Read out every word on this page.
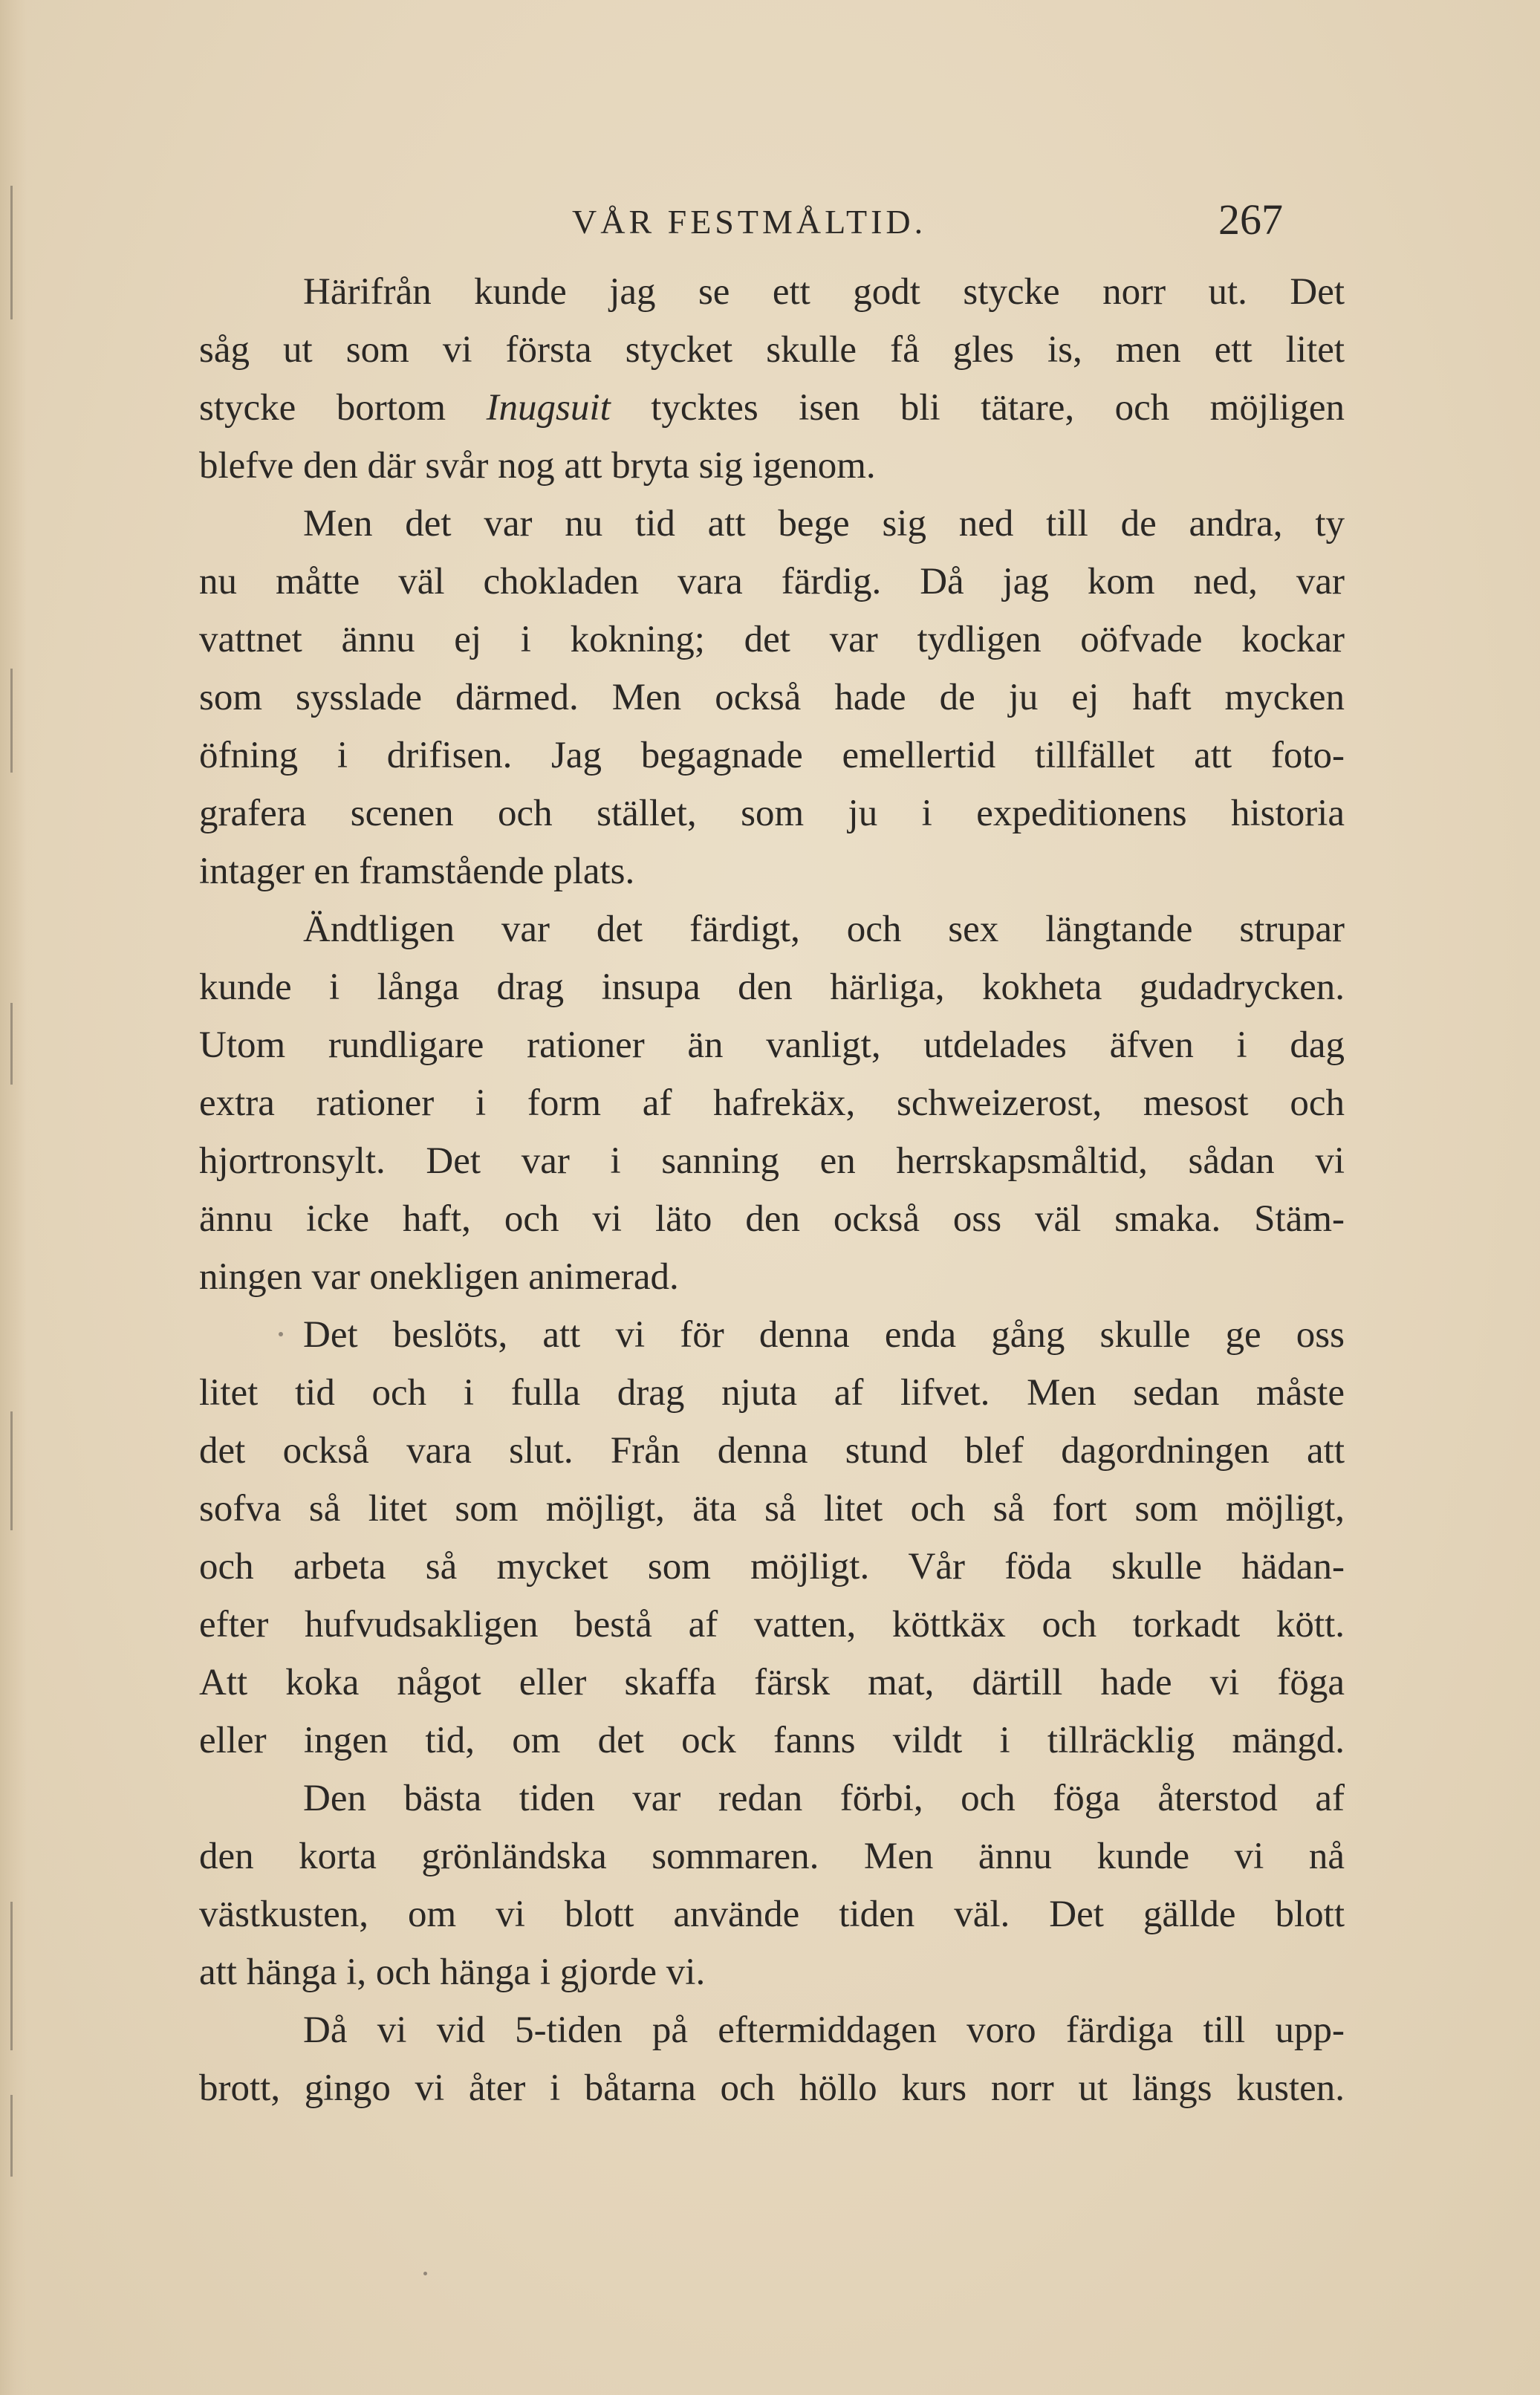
VÅR FESTMÅLTID.	267
Härifrån kunde jag se ett godt stycke norr ut. Det
såg ut som vi första stycket skulle få gles is, men ett litet
stycke bortom Inugsuit tycktes isen bli tätare, och möjligen
blefve den där svår nog att bryta sig igenom.
Men det var nu tid att bege sig ned till de andra, ty
nu måtte väl chokladen vara färdig. Då jag kom ned, var
vattnet ännu ej i kokning; det var tydligen oöfvade kockar
som sysslade därmed. Men också hade de ju ej haft mycken
öfning i drifisen. Jag begagnade emellertid tillfället att foto-
grafera scenen och stället, som ju i expeditionens historia
intager en framstående plats.
Ändtligen var det färdigt, och sex längtande strupar
kunde i långa drag insupa den härliga, kokheta gudadrycken.
Utom rundligare rationer än vanligt, utdelades äfven i dag
extra rationer i form af hafrekäx, schweizerost, mesost och
hjortronsylt. Det var i sanning en herrskapsmåltid, sådan vi
ännu icke haft, och vi läto den också oss väl smaka. Stäm-
ningen var onekligen animerad.
Det beslöts, att vi för denna enda gång skulle ge oss
litet tid och i fulla drag njuta af lifvet. Men sedan måste
det också vara slut. Från denna stund blef dagordningen att
sofva så litet som möjligt, äta så litet och så fort som möjligt,
och arbeta så mycket som möjligt. Vår föda skulle hädan-
efter hufvudsakligen bestå af vatten, köttkäx och torkadt kött.
Att koka något eller skaffa färsk mat, därtill hade vi föga
eller ingen tid, om det ock fanns vildt i tillräcklig mängd.
Den bästa tiden var redan förbi, och föga återstod af
den korta grönländska sommaren. Men ännu kunde vi nå
västkusten, om vi blott använde tiden väl. Det gällde blott
att hänga i, och hänga i gjorde vi.
Då vi vid 5-tiden på eftermiddagen voro färdiga till upp-
brott, gingo vi åter i båtarna och höllo kurs norr ut längs kusten.
